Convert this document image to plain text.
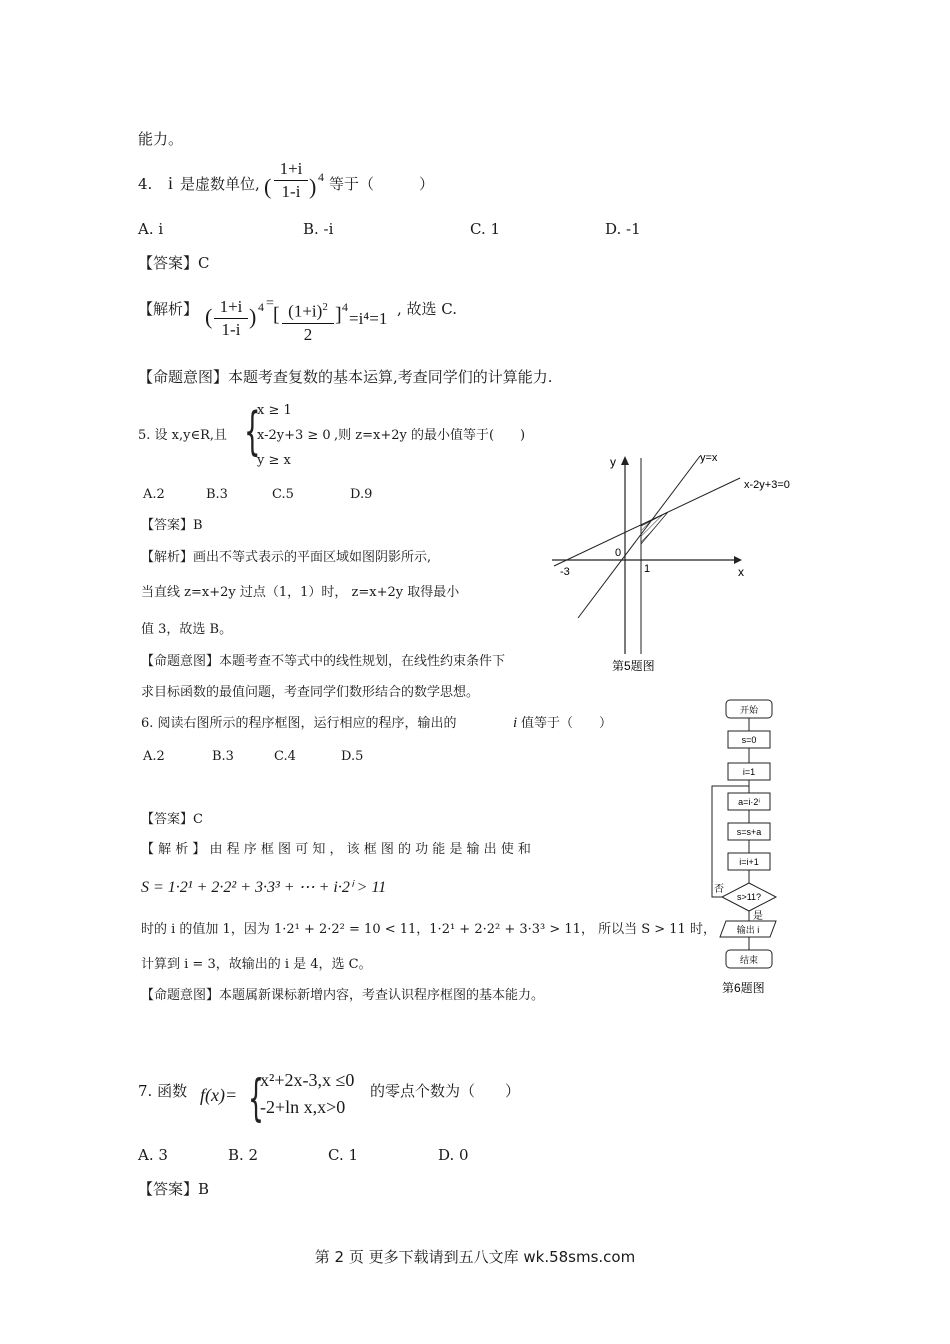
能力。
4. i 是虚数单位, (
1+i
1-i ) 4 等于（　　　）
A. i	B. -i	C. 1	D. -1
【答案】C
【解析】 ( 1+i
1-i
) 4 =
[ $(1+i)^2$
2
] 4
=i⁴=1 , 故选 C.
【命题意图】本题考查复数的基本运算,考查同学们的计算能力.
5. 设 x,y∈R,且 {
x ≥ 1
x-2y+3 ≥ 0
y ≥ x
,则 z=x+2y 的最小值等于(　　)
A.2	B.3	C.5	D.9
【答案】B
【解析】画出不等式表示的平面区域如图阴影所示,
当直线 z=x+2y 过点（1，1）时， z=x+2y 取得最小
值 3，故选 B。
【命题意图】本题考查不等式中的线性规划，在线性约束条件下
求目标函数的最值问题，考查同学们数形结合的数学思想。
y
x
0
-3	1
y=x
x-2y+3=0
第5题图
6. 阅读右图所示的程序框图，运行相应的程序，输出的	i 值等于（　　）
A.2	B.3	C.4	D.5
【答案】C
【 解 析 】 由 程 序 框 图 可 知 ， 该 框 图 的 功 能 是 输 出 使 和
S = 1·2¹ + 2·2² + 3·3³ + ⋯ + i·2ⁱ > 11
时的 i 的值加 1，因为 1·2¹ + 2·2² = 10 < 11，1·2¹ + 2·2² + 3·3³ > 11， 所以当 S > 11 时，
计算到 i = 3，故输出的 i 是 4，选 C。
【命题意图】本题属新课标新增内容，考查认识程序框图的基本能力。
开始
s=0
i=1
a=i·2ⁱ
s=s+a
i=i+1
s>11?
输出 i
结束
否
是
第6题图
7. 函数 f(x)= {
x²+2x-3,x ≤0
-2+ln x,x>0
的零点个数为（　　）
A. 3	B. 2	C. 1	D. 0
【答案】B
第 2 页 更多下载请到五八文库 wk.58sms.com
